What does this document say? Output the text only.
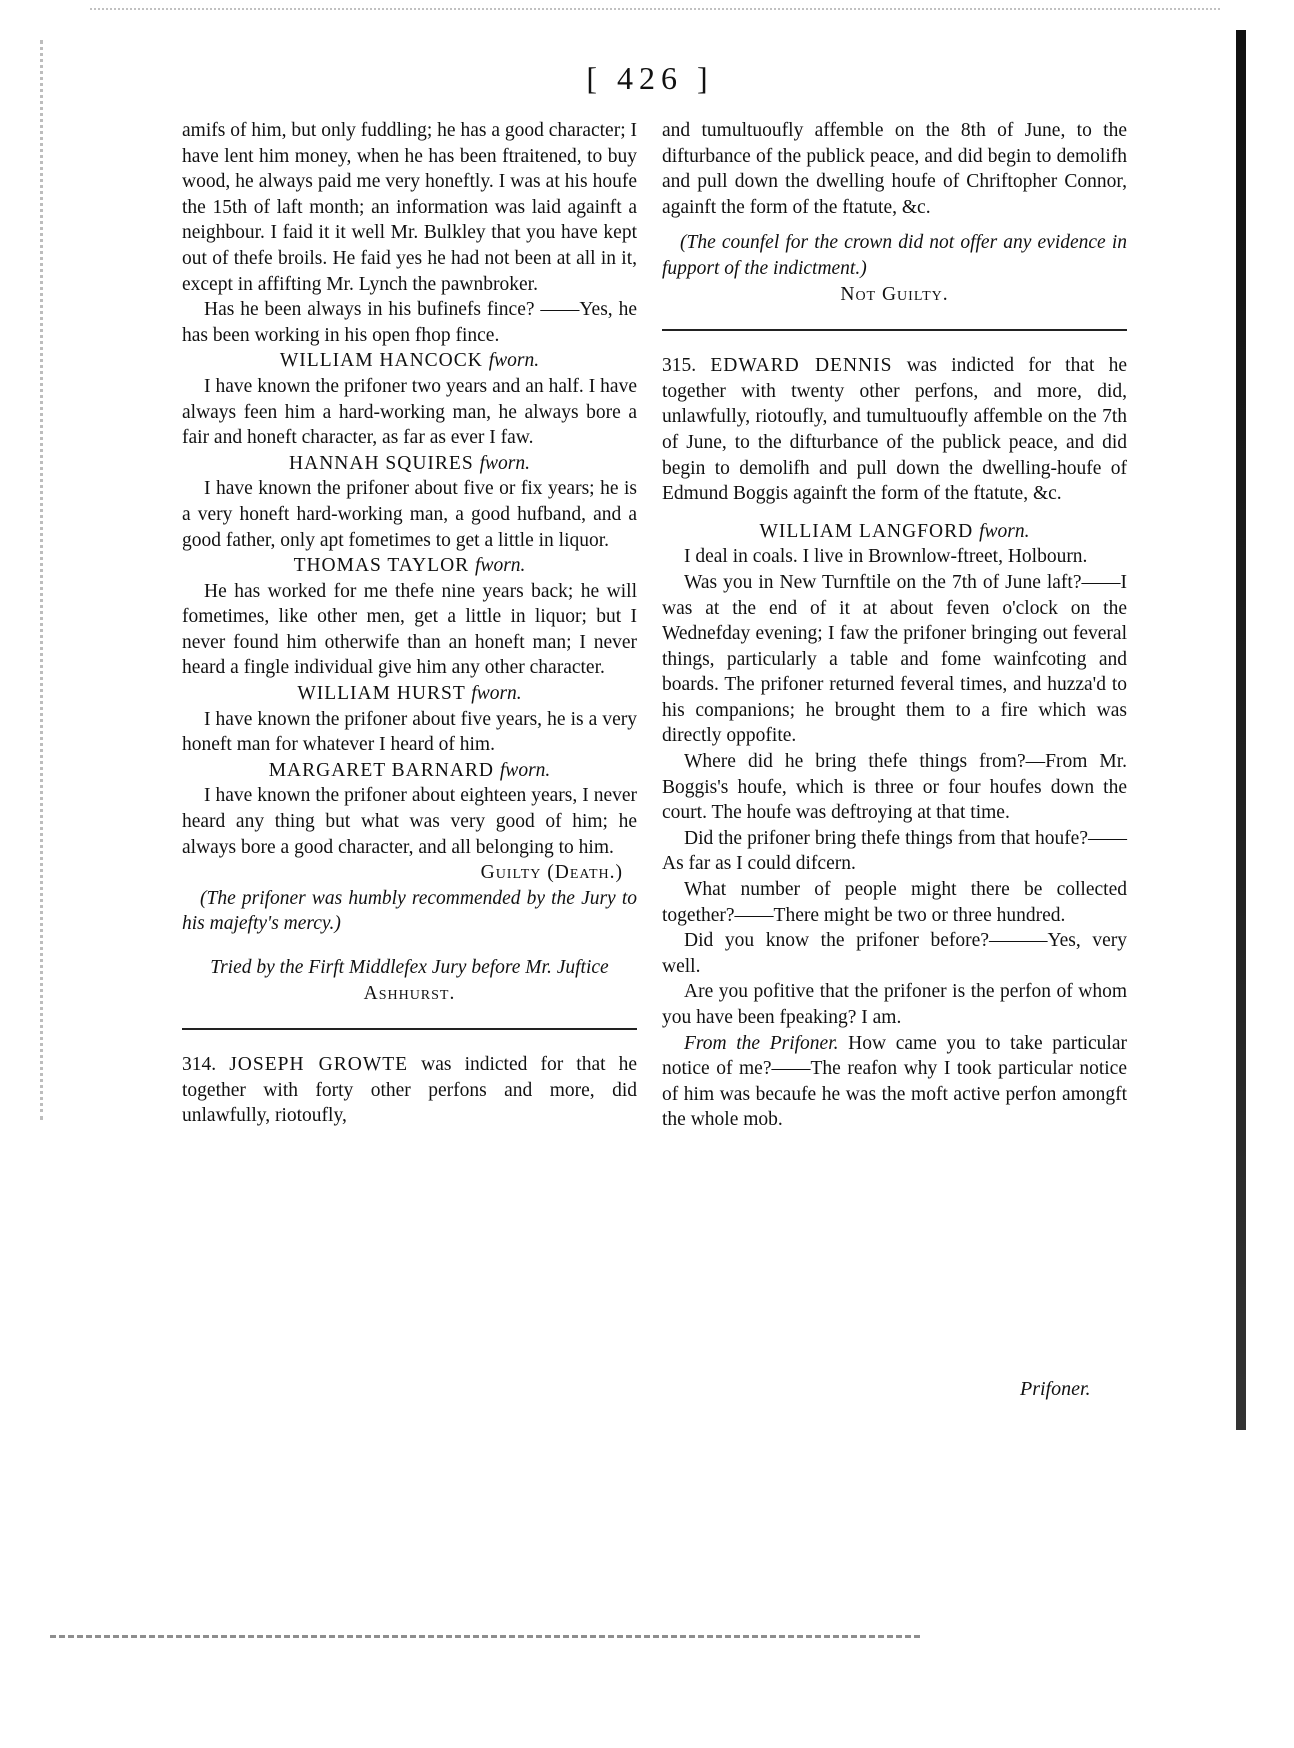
[ 426 ]

amifs of him, but only fuddling; he has a good character; I have lent him money, when he has been ftraitened, to buy wood, he always paid me very honeftly. I was at his houfe the 15th of laft month; an information was laid againft a neighbour. I faid it it well Mr. Bulkley that you have kept out of thefe broils. He faid yes he had not been at all in it, except in affifting Mr. Lynch the pawnbroker.

Has he been always in his bufinefs fince? ——Yes, he has been working in his open fhop fince.

WILLIAM HANCOCK fworn.

I have known the prifoner two years and an half. I have always feen him a hard-working man, he always bore a fair and honeft character, as far as ever I faw.

HANNAH SQUIRES fworn.

I have known the prifoner about five or fix years; he is a very honeft hard-working man, a good hufband, and a good father, only apt fometimes to get a little in liquor.

THOMAS TAYLOR fworn.

He has worked for me thefe nine years back; he will fometimes, like other men, get a little in liquor; but I never found him otherwife than an honeft man; I never heard a fingle individual give him any other character.

WILLIAM HURST fworn.

I have known the prifoner about five years, he is a very honeft man for whatever I heard of him.

MARGARET BARNARD fworn.

I have known the prifoner about eighteen years, I never heard any thing but what was very good of him; he always bore a good character, and all belonging to him.

Guilty (Death.)

(The prifoner was humbly recommended by the Jury to his majefty's mercy.)

Tried by the Firft Middlefex Jury before Mr. Juftice Ashhurst.

314. JOSEPH GROWTE was indicted for that he together with forty other perfons and more, did unlawfully, riotoufly,

and tumultuoufly affemble on the 8th of June, to the difturbance of the publick peace, and did begin to demolifh and pull down the dwelling houfe of Chriftopher Connor, againft the form of the ftatute, &c.

(The counfel for the crown did not offer any evidence in fupport of the indictment.)

Not Guilty.

315. EDWARD DENNIS was indicted for that he together with twenty other perfons, and more, did, unlawfully, riotoufly, and tumultuoufly affemble on the 7th of June, to the difturbance of the publick peace, and did begin to demolifh and pull down the dwelling-houfe of Edmund Boggis againft the form of the ftatute, &c.

WILLIAM LANGFORD fworn.

I deal in coals. I live in Brownlow-ftreet, Holbourn.

Was you in New Turnftile on the 7th of June laft?——I was at the end of it at about feven o'clock on the Wednefday evening; I faw the prifoner bringing out feveral things, particularly a table and fome wainfcoting and boards. The prifoner returned feveral times, and huzza'd to his companions; he brought them to a fire which was directly oppofite.

Where did he bring thefe things from?—From Mr. Boggis's houfe, which is three or four houfes down the court. The houfe was deftroying at that time.

Did the prifoner bring thefe things from that houfe?——As far as I could difcern.

What number of people might there be collected together?——There might be two or three hundred.

Did you know the prifoner before?———Yes, very well.

Are you pofitive that the prifoner is the perfon of whom you have been fpeaking? I am.

From the Prifoner. How came you to take particular notice of me?——The reafon why I took particular notice of him was becaufe he was the moft active perfon amongft the whole mob.

Prifoner.
